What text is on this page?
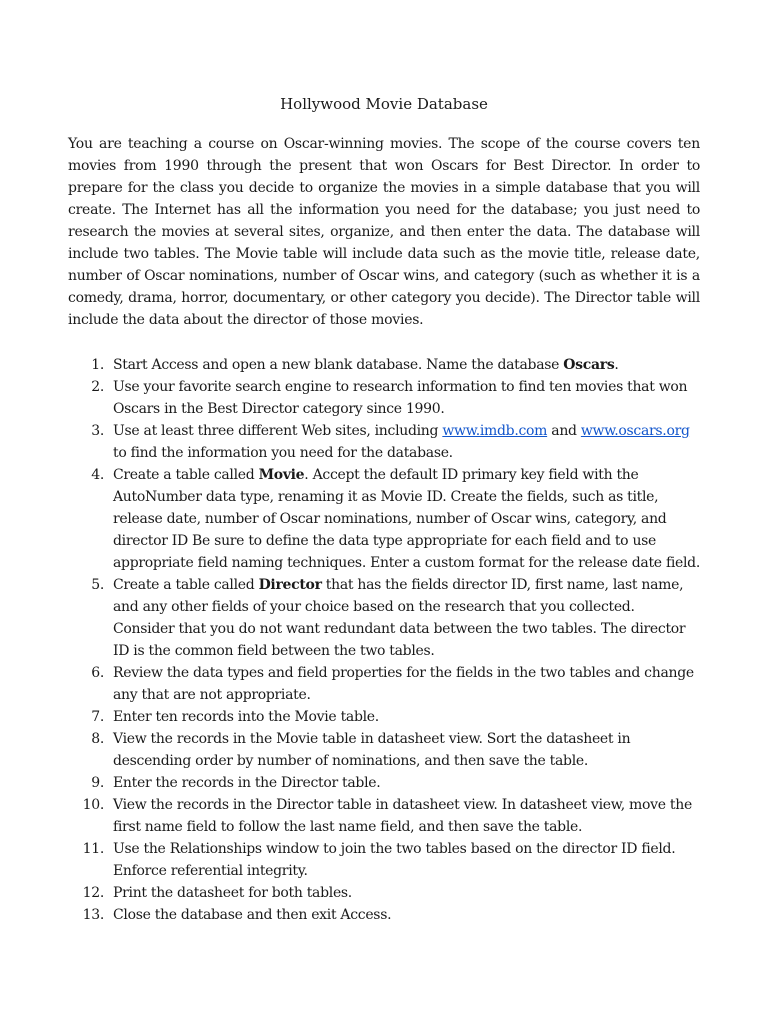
Hollywood Movie Database

You are teaching a course on Oscar-winning movies. The scope of the course covers ten movies from 1990 through the present that won Oscars for Best Director. In order to prepare for the class you decide to organize the movies in a simple database that you will create. The Internet has all the information you need for the database; you just need to research the movies at several sites, organize, and then enter the data. The database will include two tables. The Movie table will include data such as the movie title, release date, number of Oscar nominations, number of Oscar wins, and category (such as whether it is a comedy, drama, horror, documentary, or other category you decide). The Director table will include the data about the director of those movies.

1. Start Access and open a new blank database. Name the database Oscars.
2. Use your favorite search engine to research information to find ten movies that won Oscars in the Best Director category since 1990.
3. Use at least three different Web sites, including www.imdb.com and www.oscars.org to find the information you need for the database.
4. Create a table called Movie. Accept the default ID primary key field with the AutoNumber data type, renaming it as Movie ID. Create the fields, such as title, release date, number of Oscar nominations, number of Oscar wins, category, and director ID Be sure to define the data type appropriate for each field and to use appropriate field naming techniques. Enter a custom format for the release date field.
5. Create a table called Director that has the fields director ID, first name, last name, and any other fields of your choice based on the research that you collected. Consider that you do not want redundant data between the two tables. The director ID is the common field between the two tables.
6. Review the data types and field properties for the fields in the two tables and change any that are not appropriate.
7. Enter ten records into the Movie table.
8. View the records in the Movie table in datasheet view. Sort the datasheet in descending order by number of nominations, and then save the table.
9. Enter the records in the Director table.
10. View the records in the Director table in datasheet view. In datasheet view, move the first name field to follow the last name field, and then save the table.
11. Use the Relationships window to join the two tables based on the director ID field. Enforce referential integrity.
12. Print the datasheet for both tables.
13. Close the database and then exit Access.
